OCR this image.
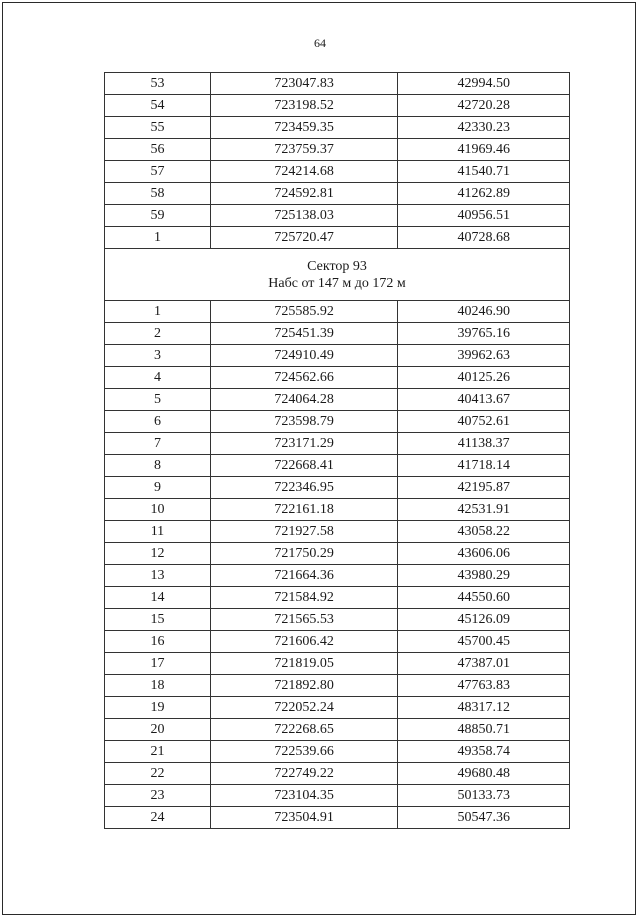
64
53	723047.83	42994.50
54	723198.52	42720.28
55	723459.35	42330.23
56	723759.37	41969.46
57	724214.68	41540.71
58	724592.81	41262.89
59	725138.03	40956.51
1	725720.47	40728.68

Сектор 93
Набс от 147 м до 172 м		

1	725585.92	40246.90
2	725451.39	39765.16
3	724910.49	39962.63
4	724562.66	40125.26
5	724064.28	40413.67
6	723598.79	40752.61
7	723171.29	41138.37
8	722668.41	41718.14
9	722346.95	42195.87
10	722161.18	42531.91
11	721927.58	43058.22
12	721750.29	43606.06
13	721664.36	43980.29
14	721584.92	44550.60
15	721565.53	45126.09
16	721606.42	45700.45
17	721819.05	47387.01
18	721892.80	47763.83
19	722052.24	48317.12
20	722268.65	48850.71
21	722539.66	49358.74
22	722749.22	49680.48
23	723104.35	50133.73
24	723504.91	50547.36
